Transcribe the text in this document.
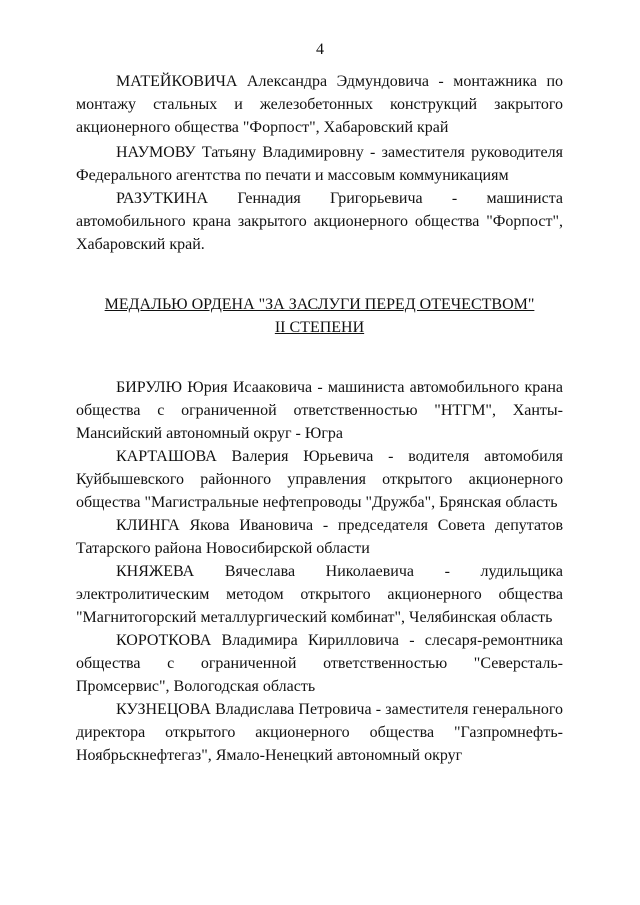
4

МАТЕЙКОВИЧА Александра Эдмундовича - монтажника по монтажу стальных и железобетонных конструкций закрытого акционерного общества "Форпост", Хабаровский край

НАУМОВУ Татьяну Владимировну - заместителя руководителя Федерального агентства по печати и массовым коммуникациям

РАЗУТКИНА Геннадия Григорьевича - машиниста автомобильного крана закрытого акционерного общества "Форпост", Хабаровский край.

МЕДАЛЬЮ ОРДЕНА "ЗА ЗАСЛУГИ ПЕРЕД ОТЕЧЕСТВОМ"
II СТЕПЕНИ

БИРУЛЮ Юрия Исааковича - машиниста автомобильного крана общества с ограниченной ответственностью "НТГМ", Ханты-Мансийский автономный округ - Югра

КАРТАШОВА Валерия Юрьевича - водителя автомобиля Куйбышевского районного управления открытого акционерного общества "Магистральные нефтепроводы "Дружба", Брянская область

КЛИНГА Якова Ивановича - председателя Совета депутатов Татарского района Новосибирской области

КНЯЖЕВА Вячеслава Николаевича - лудильщика электролитическим методом открытого акционерного общества "Магнитогорский металлургический комбинат", Челябинская область

КОРОТКОВА Владимира Кирилловича - слесаря-ремонтника общества с ограниченной ответственностью "Северсталь-Промсервис", Вологодская область

КУЗНЕЦОВА Владислава Петровича - заместителя генерального директора открытого акционерного общества "Газпромнефть-Ноябрьскнефтегаз", Ямало-Ненецкий автономный округ
